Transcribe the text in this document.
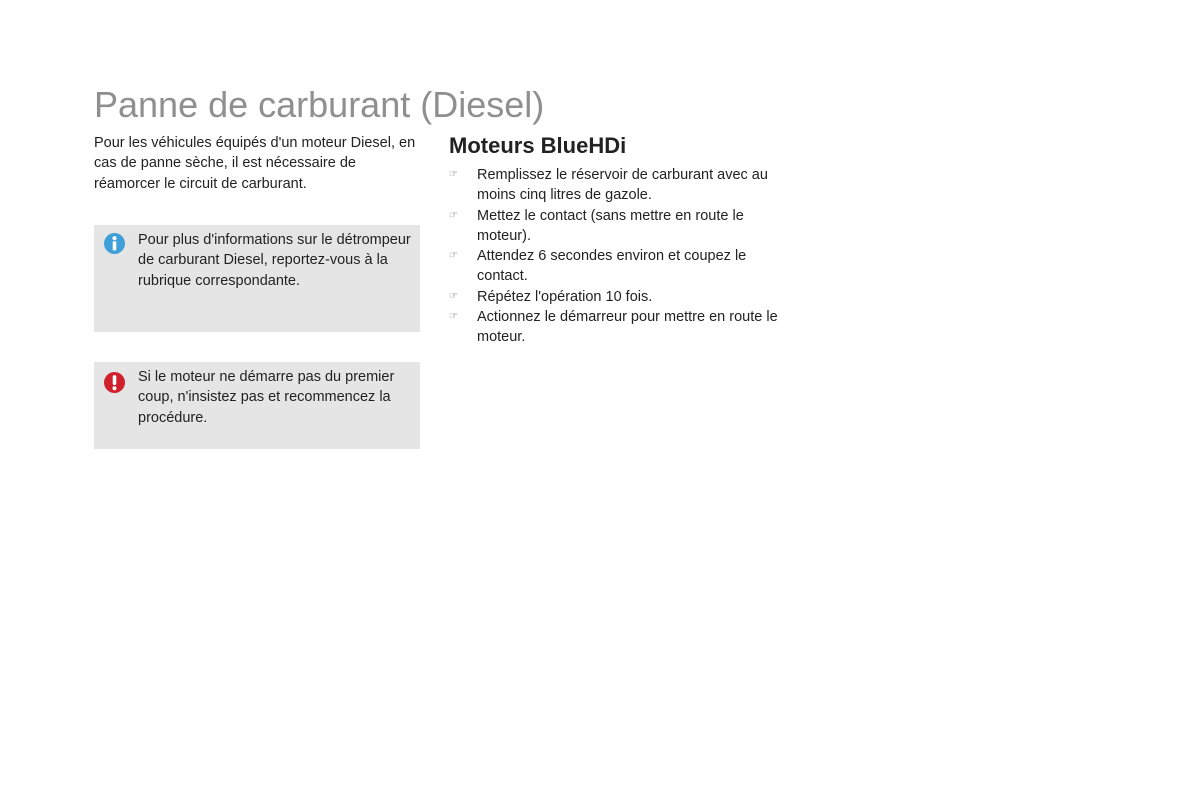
Panne de carburant (Diesel)

Pour les véhicules équipés d'un moteur Diesel, en cas de panne sèche, il est nécessaire de réamorcer le circuit de carburant.

Pour plus d'informations sur le détrompeur de carburant Diesel, reportez-vous à la rubrique correspondante.

Si le moteur ne démarre pas du premier coup, n'insistez pas et recommencez la procédure.

Moteurs BlueHDi
☞	Remplissez le réservoir de carburant avec au moins cinq litres de gazole.
☞	Mettez le contact (sans mettre en route le moteur).
☞	Attendez 6 secondes environ et coupez le contact.
☞	Répétez l'opération 10 fois.
☞	Actionnez le démarreur pour mettre en route le moteur.
